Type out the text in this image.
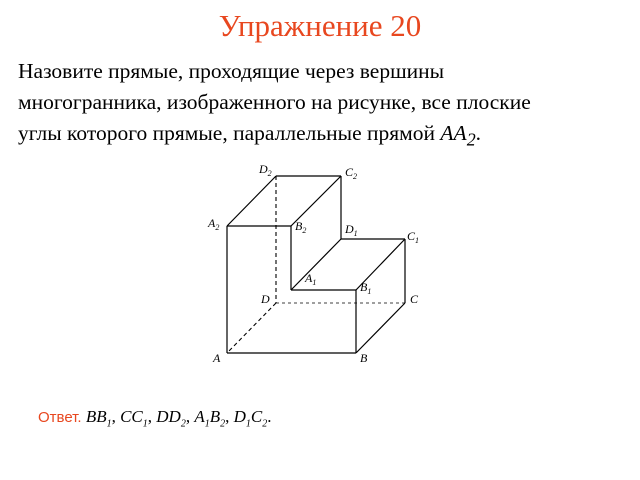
Упражнение 20
Назовите прямые, проходящие через вершины
многогранника, изображенного на рисунке, все плоские
углы которого прямые, параллельные прямой $AA_2$.
$D_2$	$C_2$
$A_2$	$B_2$	$D_1$	$C_1$
$A_1$	$B_1$
D	C
A	B
Ответ. $BB_1$, $CC_1$, $DD_2$, $A_1B_2$, $D_1C_2$.
